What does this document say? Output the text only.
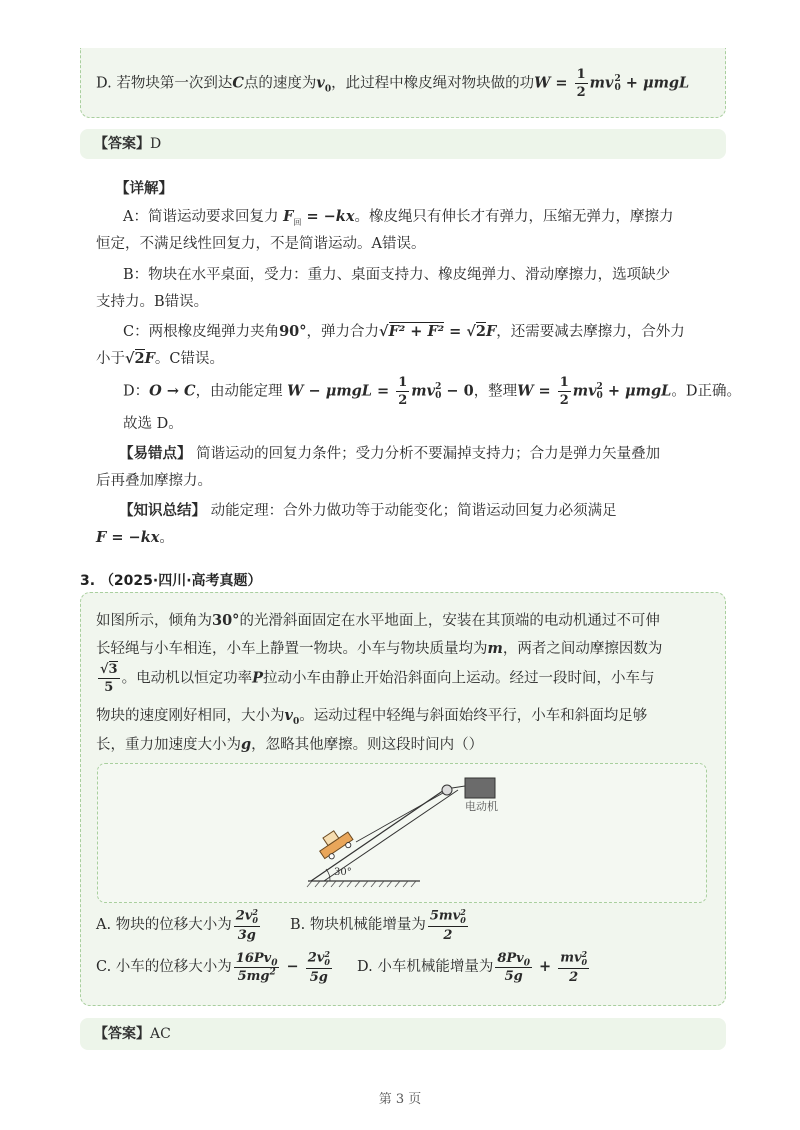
D. 若物块第一次到达C点的速度为$v_0$，此过程中橡皮绳对物块做的功$W = \frac{1}{2}$ mv 2
0 + μmgL
【答案】D
【详解】
A：简谐运动要求回复力 $F_回 = -kx$。橡皮绳只有伸长才有弹力，压缩无弹力，摩擦力
恒定，不满足线性回复力，不是简谐运动。A错误。
B：物块在水平桌面，受力：重力、桌面支持力、橡皮绳弹力、滑动摩擦力，选项缺少
支持力。B错误。
C：两根橡皮绳弹力夹角90°，弹力合力√F² + F² = √2F，还需要减去摩擦力，合外力
小于√2F。C错误。
D：O → C，由动能定理 $W - \mu mgL = \frac{1}{2}$ mv 2
0 − 0，整理$W = \frac{1}{2}$ mv 2
0 + μmgL。D正确。
故选 D。
【易错点】 简谐运动的回复力条件；受力分析不要漏掉支持力；合力是弹力矢量叠加
后再叠加摩擦力。
【知识总结】 动能定理：合外力做功等于动能变化；简谐运动回复力必须满足
F = −kx。
3. （2025·四川·高考真题）
如图所示，倾角为30°的光滑斜面固定在水平地面上，安装在其顶端的电动机通过不可伸
长轻绳与小车相连，小车上静置一物块。小车与物块质量均为m，两者之间动摩擦因数为
$\frac{√3}{5}$ 。电动机以恒定功率P拉动小车由静止开始沿斜面向上运动。经过一段时间，小车与
物块的速度刚好相同，大小为$v_0$。运动过程中轻绳与斜面始终平行，小车和斜面均足够
长，重力加速度大小为g，忽略其他摩擦。则这段时间内（）
电动机
30°
A. 物块的位移大小为 2v 2
0
3g B. 物块机械能增量为 5mv 2
0
2
C. 小车的位移大小为 $\frac{16Pv_0}{5mg^2} - 2v$ 2
0
5g D. 小车机械能增量为 $\frac{8Pv_0}{5g}$ + mv 2
0
2
【答案】AC
第 3 页
